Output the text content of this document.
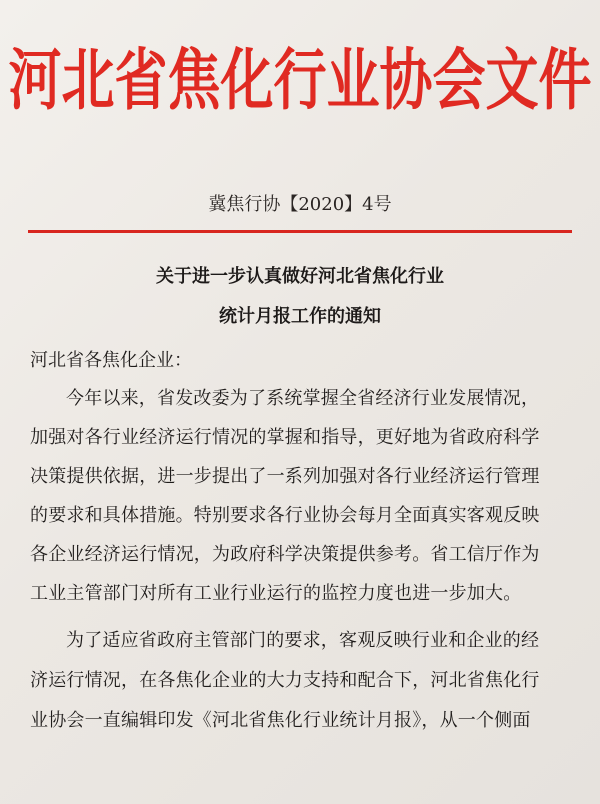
河北省焦化行业协会文件
冀焦行协【2020】4号
关于进一步认真做好河北省焦化行业
统计月报工作的通知
河北省各焦化企业：
今年以来，省发改委为了系统掌握全省经济行业发展情况，
加强对各行业经济运行情况的掌握和指导，更好地为省政府科学
决策提供依据，进一步提出了一系列加强对各行业经济运行管理
的要求和具体措施。特别要求各行业协会每月全面真实客观反映
各企业经济运行情况，为政府科学决策提供参考。省工信厅作为
工业主管部门对所有工业行业运行的监控力度也进一步加大。
为了适应省政府主管部门的要求，客观反映行业和企业的经
济运行情况，在各焦化企业的大力支持和配合下，河北省焦化行
业协会一直编辑印发《河北省焦化行业统计月报》，从一个侧面
